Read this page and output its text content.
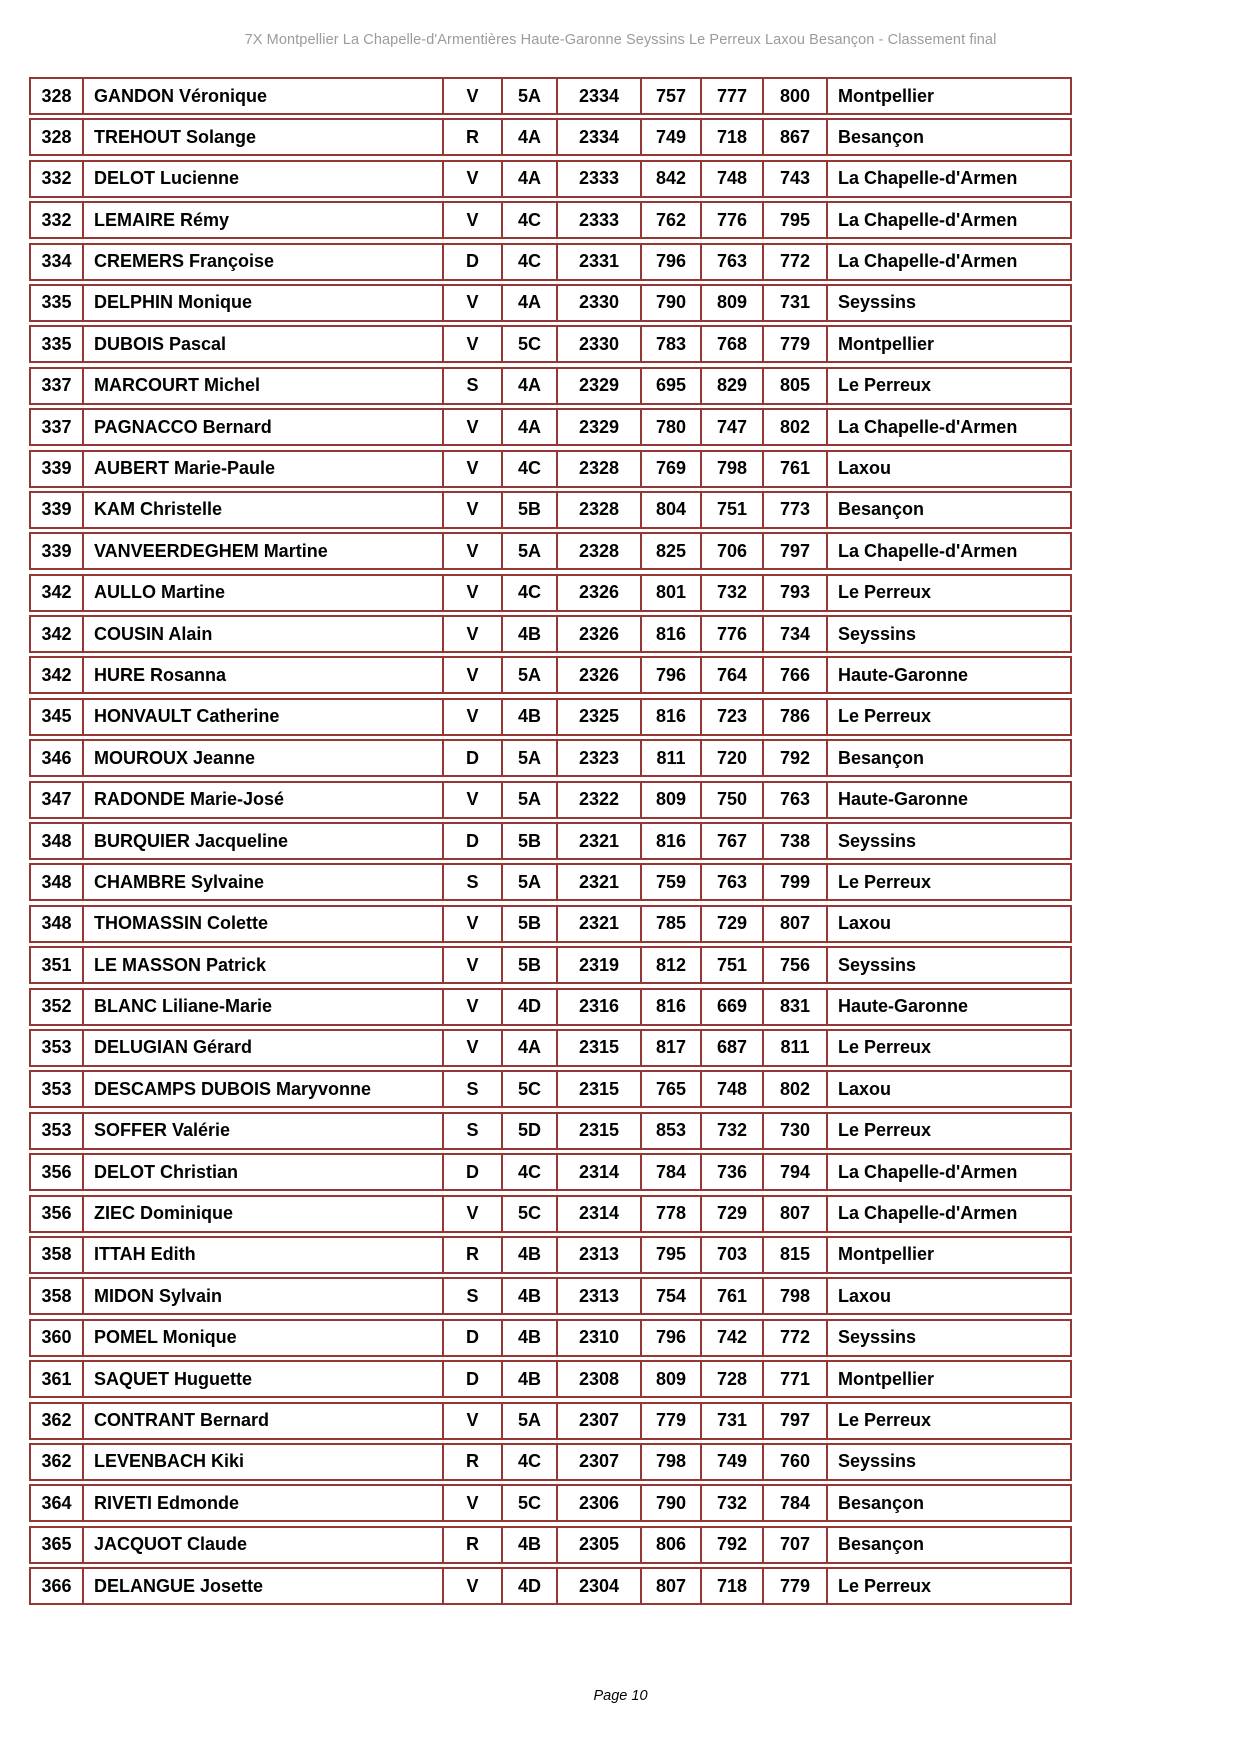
7X Montpellier La Chapelle-d'Armentières Haute-Garonne Seyssins Le Perreux Laxou Besançon - Classement final
328	GANDON Véronique	V	5A	2334	757	777	800	Montpellier
328	TREHOUT Solange	R	4A	2334	749	718	867	Besançon
332	DELOT Lucienne	V	4A	2333	842	748	743	La Chapelle-d'Armen
332	LEMAIRE Rémy	V	4C	2333	762	776	795	La Chapelle-d'Armen
334	CREMERS Françoise	D	4C	2331	796	763	772	La Chapelle-d'Armen
335	DELPHIN Monique	V	4A	2330	790	809	731	Seyssins
335	DUBOIS Pascal	V	5C	2330	783	768	779	Montpellier
337	MARCOURT Michel	S	4A	2329	695	829	805	Le Perreux
337	PAGNACCO Bernard	V	4A	2329	780	747	802	La Chapelle-d'Armen
339	AUBERT Marie-Paule	V	4C	2328	769	798	761	Laxou
339	KAM Christelle	V	5B	2328	804	751	773	Besançon
339	VANVEERDEGHEM Martine	V	5A	2328	825	706	797	La Chapelle-d'Armen
342	AULLO Martine	V	4C	2326	801	732	793	Le Perreux
342	COUSIN Alain	V	4B	2326	816	776	734	Seyssins
342	HURE Rosanna	V	5A	2326	796	764	766	Haute-Garonne
345	HONVAULT Catherine	V	4B	2325	816	723	786	Le Perreux
346	MOUROUX Jeanne	D	5A	2323	811	720	792	Besançon
347	RADONDE Marie-José	V	5A	2322	809	750	763	Haute-Garonne
348	BURQUIER Jacqueline	D	5B	2321	816	767	738	Seyssins
348	CHAMBRE Sylvaine	S	5A	2321	759	763	799	Le Perreux
348	THOMASSIN Colette	V	5B	2321	785	729	807	Laxou
351	LE MASSON Patrick	V	5B	2319	812	751	756	Seyssins
352	BLANC Liliane-Marie	V	4D	2316	816	669	831	Haute-Garonne
353	DELUGIAN Gérard	V	4A	2315	817	687	811	Le Perreux
353	DESCAMPS DUBOIS Maryvonne	S	5C	2315	765	748	802	Laxou
353	SOFFER Valérie	S	5D	2315	853	732	730	Le Perreux
356	DELOT Christian	D	4C	2314	784	736	794	La Chapelle-d'Armen
356	ZIEC Dominique	V	5C	2314	778	729	807	La Chapelle-d'Armen
358	ITTAH Edith	R	4B	2313	795	703	815	Montpellier
358	MIDON Sylvain	S	4B	2313	754	761	798	Laxou
360	POMEL Monique	D	4B	2310	796	742	772	Seyssins
361	SAQUET Huguette	D	4B	2308	809	728	771	Montpellier
362	CONTRANT Bernard	V	5A	2307	779	731	797	Le Perreux
362	LEVENBACH Kiki	R	4C	2307	798	749	760	Seyssins
364	RIVETI Edmonde	V	5C	2306	790	732	784	Besançon
365	JACQUOT Claude	R	4B	2305	806	792	707	Besançon
366	DELANGUE Josette	V	4D	2304	807	718	779	Le Perreux
Page 10
